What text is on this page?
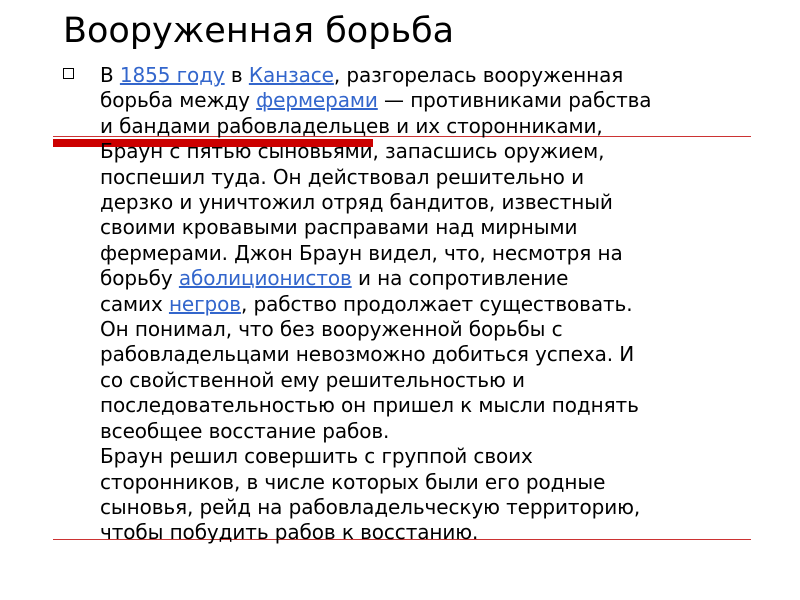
Вооруженная борьба
В 1855 году в Канзасе, разгорелась вооруженная
борьба между фермерами — противниками рабства
и бандами рабовладельцев и их сторонниками,
Браун с пятью сыновьями, запасшись оружием,
поспешил туда. Он действовал решительно и
дерзко и уничтожил отряд бандитов, известный
своими кровавыми расправами над мирными
фермерами. Джон Браун видел, что, несмотря на
борьбу аболиционистов и на сопротивление
самих негров, рабство продолжает существовать.
Он понимал, что без вооруженной борьбы с
рабовладельцами невозможно добиться успеха. И
со свойственной ему решительностью и
последовательностью он пришел к мысли поднять
всеобщее восстание рабов.
Браун решил совершить с группой своих
сторонников, в числе которых были его родные
сыновья, рейд на рабовладельческую территорию,
чтобы побудить рабов к восстанию.
